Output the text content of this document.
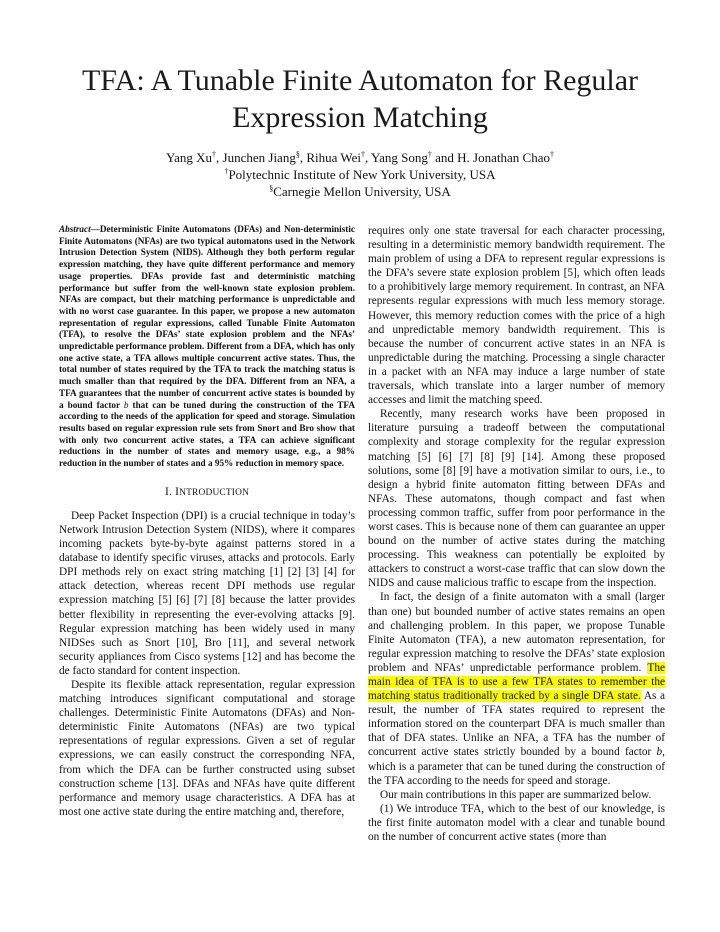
TFA: A Tunable Finite Automaton for Regular Expression Matching
Yang Xu†, Junchen Jiang§, Rihua Wei†, Yang Song† and H. Jonathan Chao†
†Polytechnic Institute of New York University, USA
§Carnegie Mellon University, USA

Abstract—Deterministic Finite Automatons (DFAs) and Non-deterministic Finite Automatons (NFAs) are two typical automatons used in the Network Intrusion Detection System (NIDS). Although they both perform regular expression matching, they have quite different performance and memory usage properties. DFAs provide fast and deterministic matching performance but suffer from the well-known state explosion problem. NFAs are compact, but their matching performance is unpredictable and with no worst case guarantee. In this paper, we propose a new automaton representation of regular expressions, called Tunable Finite Automaton (TFA), to resolve the DFAs’ state explosion problem and the NFAs’ unpredictable performance problem. Different from a DFA, which has only one active state, a TFA allows multiple concurrent active states. Thus, the total number of states required by the TFA to track the matching status is much smaller than that required by the DFA. Different from an NFA, a TFA guarantees that the number of concurrent active states is bounded by a bound factor b that can be tuned during the construction of the TFA according to the needs of the application for speed and storage. Simulation results based on regular expression rule sets from Snort and Bro show that with only two concurrent active states, a TFA can achieve significant reductions in the number of states and memory usage, e.g., a 98% reduction in the number of states and a 95% reduction in memory space.

I. INTRODUCTION

Deep Packet Inspection (DPI) is a crucial technique in today’s Network Intrusion Detection System (NIDS), where it compares incoming packets byte-by-byte against patterns stored in a database to identify specific viruses, attacks and protocols. Early DPI methods rely on exact string matching [1] [2] [3] [4] for attack detection, whereas recent DPI methods use regular expression matching [5] [6] [7] [8] because the latter provides better flexibility in representing the ever-evolving attacks [9]. Regular expression matching has been widely used in many NIDSes such as Snort [10], Bro [11], and several network security appliances from Cisco systems [12] and has become the de facto standard for content inspection.

Despite its flexible attack representation, regular expression matching introduces significant computational and storage challenges. Deterministic Finite Automatons (DFAs) and Non-deterministic Finite Automatons (NFAs) are two typical representations of regular expressions. Given a set of regular expressions, we can easily construct the corresponding NFA, from which the DFA can be further constructed using subset construction scheme [13]. DFAs and NFAs have quite different performance and memory usage characteristics. A DFA has at most one active state during the entire matching and, therefore,

requires only one state traversal for each character processing, resulting in a deterministic memory bandwidth requirement. The main problem of using a DFA to represent regular expressions is the DFA’s severe state explosion problem [5], which often leads to a prohibitively large memory requirement. In contrast, an NFA represents regular expressions with much less memory storage. However, this memory reduction comes with the price of a high and unpredictable memory bandwidth requirement. This is because the number of concurrent active states in an NFA is unpredictable during the matching. Processing a single character in a packet with an NFA may induce a large number of state traversals, which translate into a larger number of memory accesses and limit the matching speed.

Recently, many research works have been proposed in literature pursuing a tradeoff between the computational complexity and storage complexity for the regular expression matching [5] [6] [7] [8] [9] [14]. Among these proposed solutions, some [8] [9] have a motivation similar to ours, i.e., to design a hybrid finite automaton fitting between DFAs and NFAs. These automatons, though compact and fast when processing common traffic, suffer from poor performance in the worst cases. This is because none of them can guarantee an upper bound on the number of active states during the matching processing. This weakness can potentially be exploited by attackers to construct a worst-case traffic that can slow down the NIDS and cause malicious traffic to escape from the inspection.

In fact, the design of a finite automaton with a small (larger than one) but bounded number of active states remains an open and challenging problem. In this paper, we propose Tunable Finite Automaton (TFA), a new automaton representation, for regular expression matching to resolve the DFAs’ state explosion problem and NFAs’ unpredictable performance problem. The main idea of TFA is to use a few TFA states to remember the matching status traditionally tracked by a single DFA state. As a result, the number of TFA states required to represent the information stored on the counterpart DFA is much smaller than that of DFA states. Unlike an NFA, a TFA has the number of concurrent active states strictly bounded by a bound factor b, which is a parameter that can be tuned during the construction of the TFA according to the needs for speed and storage.

Our main contributions in this paper are summarized below.

(1) We introduce TFA, which to the best of our knowledge, is the first finite automaton model with a clear and tunable bound on the number of concurrent active states (more than
